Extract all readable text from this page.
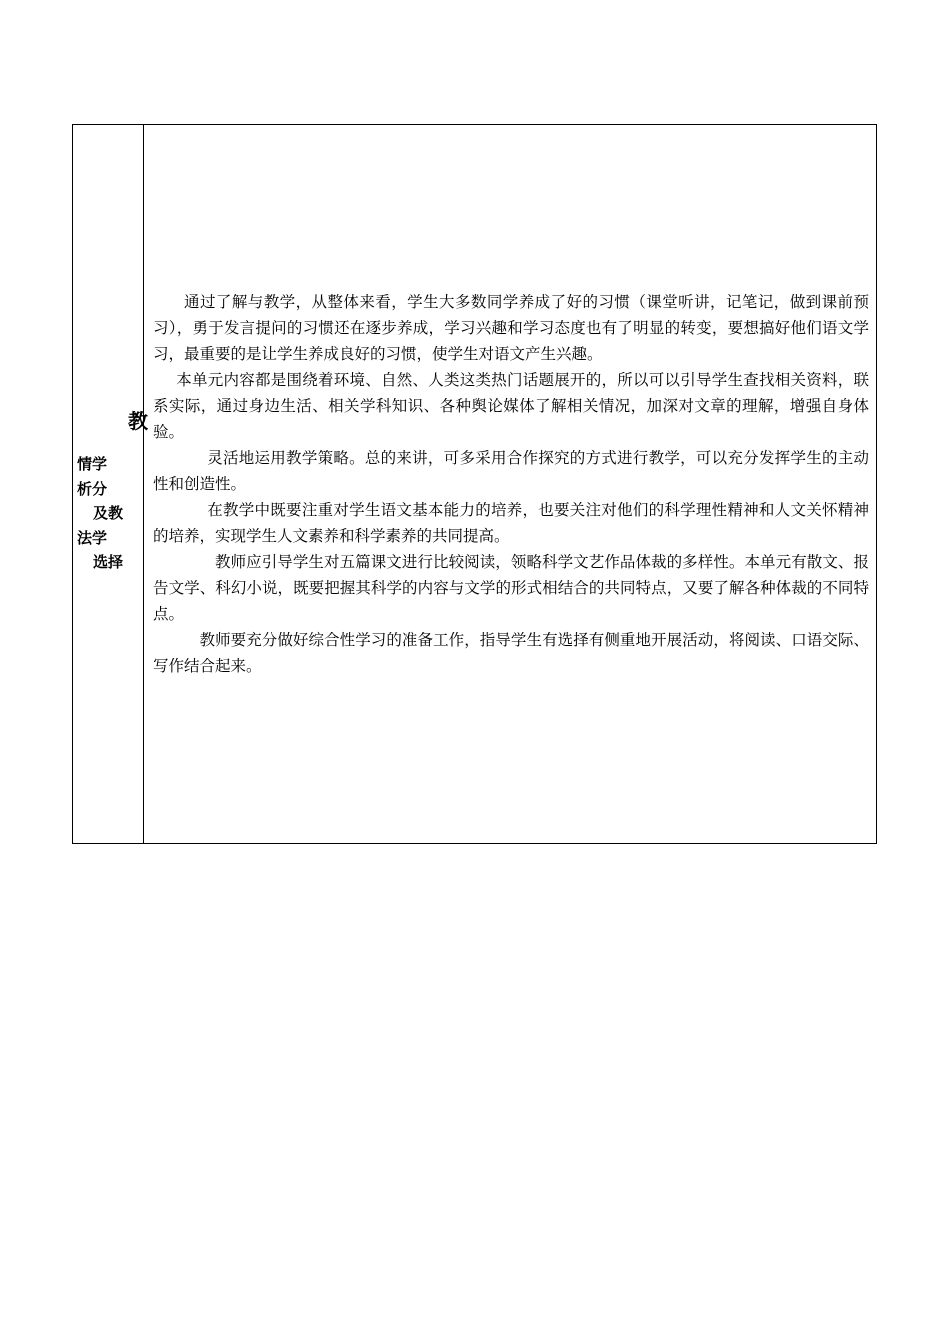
教
情学
析分
及教
法学
选择

通过了解与教学，从整体来看，学生大多数同学养成了好的习惯（课堂听讲，记笔记，做到课前预习），勇于发言提问的习惯还在逐步养成，学习兴趣和学习态度也有了明显的转变，要想搞好他们语文学习，最重要的是让学生养成良好的习惯，使学生对语文产生兴趣。

本单元内容都是围绕着环境、自然、人类这类热门话题展开的，所以可以引导学生查找相关资料，联系实际，通过身边生活、相关学科知识、各种舆论媒体了解相关情况，加深对文章的理解，增强自身体验。

灵活地运用教学策略。总的来讲，可多采用合作探究的方式进行教学，可以充分发挥学生的主动性和创造性。

在教学中既要注重对学生语文基本能力的培养，也要关注对他们的科学理性精神和人文关怀精神的培养，实现学生人文素养和科学素养的共同提高。

教师应引导学生对五篇课文进行比较阅读，领略科学文艺作品体裁的多样性。本单元有散文、报告文学、科幻小说，既要把握其科学的内容与文学的形式相结合的共同特点，又要了解各种体裁的不同特点。

教师要充分做好综合性学习的准备工作，指导学生有选择有侧重地开展活动，将阅读、口语交际、写作结合起来。
